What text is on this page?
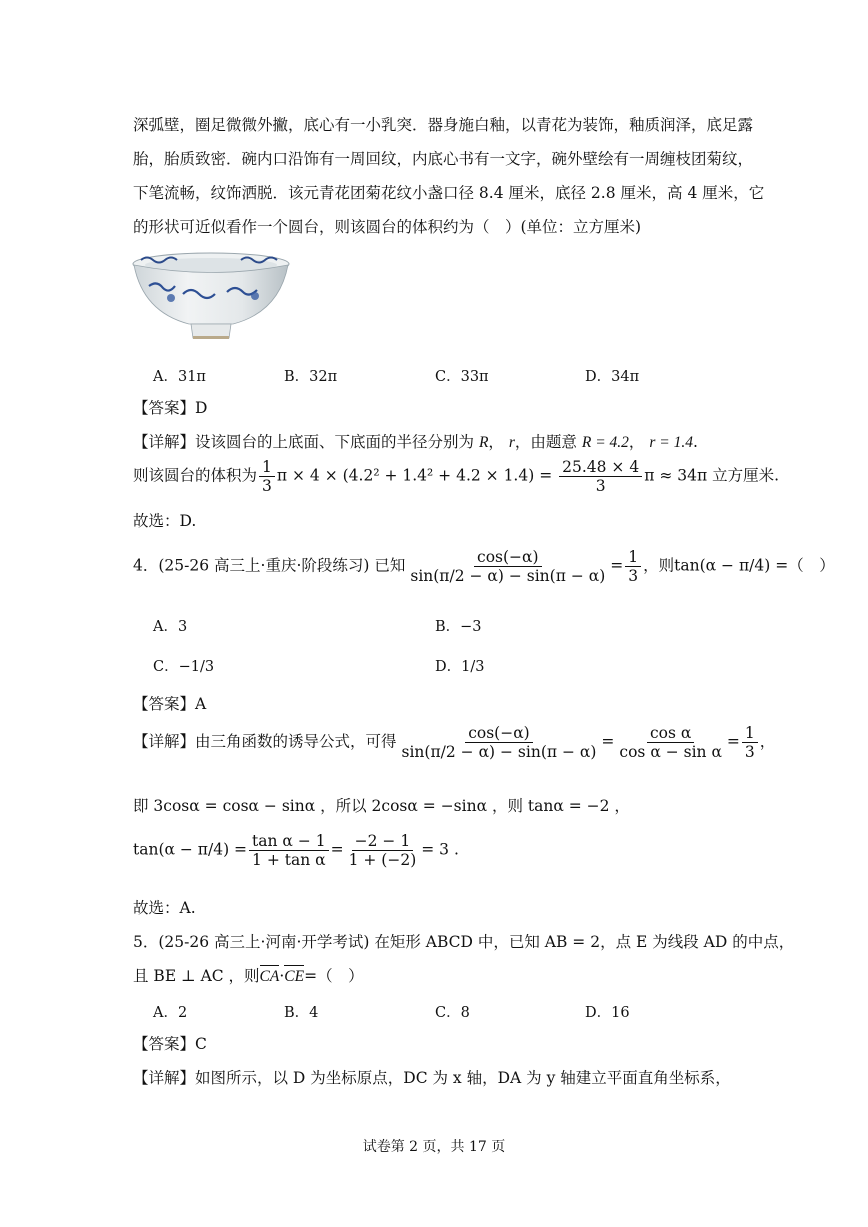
深弧壁，圈足微微外撇，底心有一小乳突．器身施白釉，以青花为装饰，釉质润泽，底足露
胎，胎质致密．碗内口沿饰有一周回纹，内底心书有一文字，碗外壁绘有一周缠枝团菊纹，
下笔流畅，纹饰洒脱．该元青花团菊花纹小盏口径 8.4 厘米，底径 2.8 厘米，高 4 厘米，它
的形状可近似看作一个圆台，则该圆台的体积约为（　）(单位：立方厘米)
A．31π	B．32π	C．33π	D．34π
【答案】D
【详解】设该圆台的上底面、下底面的半径分别为 R， r，由题意 R = 4.2， r = 1.4.
则该圆台的体积为 $\frac{1}{3}$ $\pi \times 4 \times (4.2^2 + 1.4^2 + 4.2 \times 1.4) = \frac{25.48 \times 4}{3}$ π ≈ 34π 立方厘米.
故选：D.
4．(25-26 高三上·重庆·阶段练习) 已知 $\frac{\cos(-\alpha)}{\sin(\pi/2 - \alpha) - \sin(\pi - \alpha)} = \frac{1}{3}$ ，则tan(α − π/4) =（　）
A．3	B．−3
C．−1/3	D．1/3
【答案】A
【详解】由三角函数的诱导公式，可得 $\frac{\cos(-\alpha)}{\sin(\pi/2 - \alpha) - \sin(\pi - \alpha)} = \frac{\text{cos α}}{\text{cos α − sin α}} = \frac{1}{3}$ ，
即 3cosα = cosα − sinα ，所以 2cosα = −sinα ，则 tanα = −2 ，
$\tan(\alpha - \pi/4) = \frac{\text{tan α − 1}}{\text{1 + tan α}} = \frac{-2 - 1}{1 + (-2)} = 3$ .
故选：A.
5．(25-26 高三上·河南·开学考试) 在矩形 ABCD 中，已知 AB = 2，点 E 为线段 AD 的中点，
且 BE ⊥ AC ，则CA·CE=（　）
A．2	B．4	C．8	D．16
【答案】C
【详解】如图所示，以 D 为坐标原点，DC 为 x 轴，DA 为 y 轴建立平面直角坐标系，
试卷第 2 页，共 17 页
